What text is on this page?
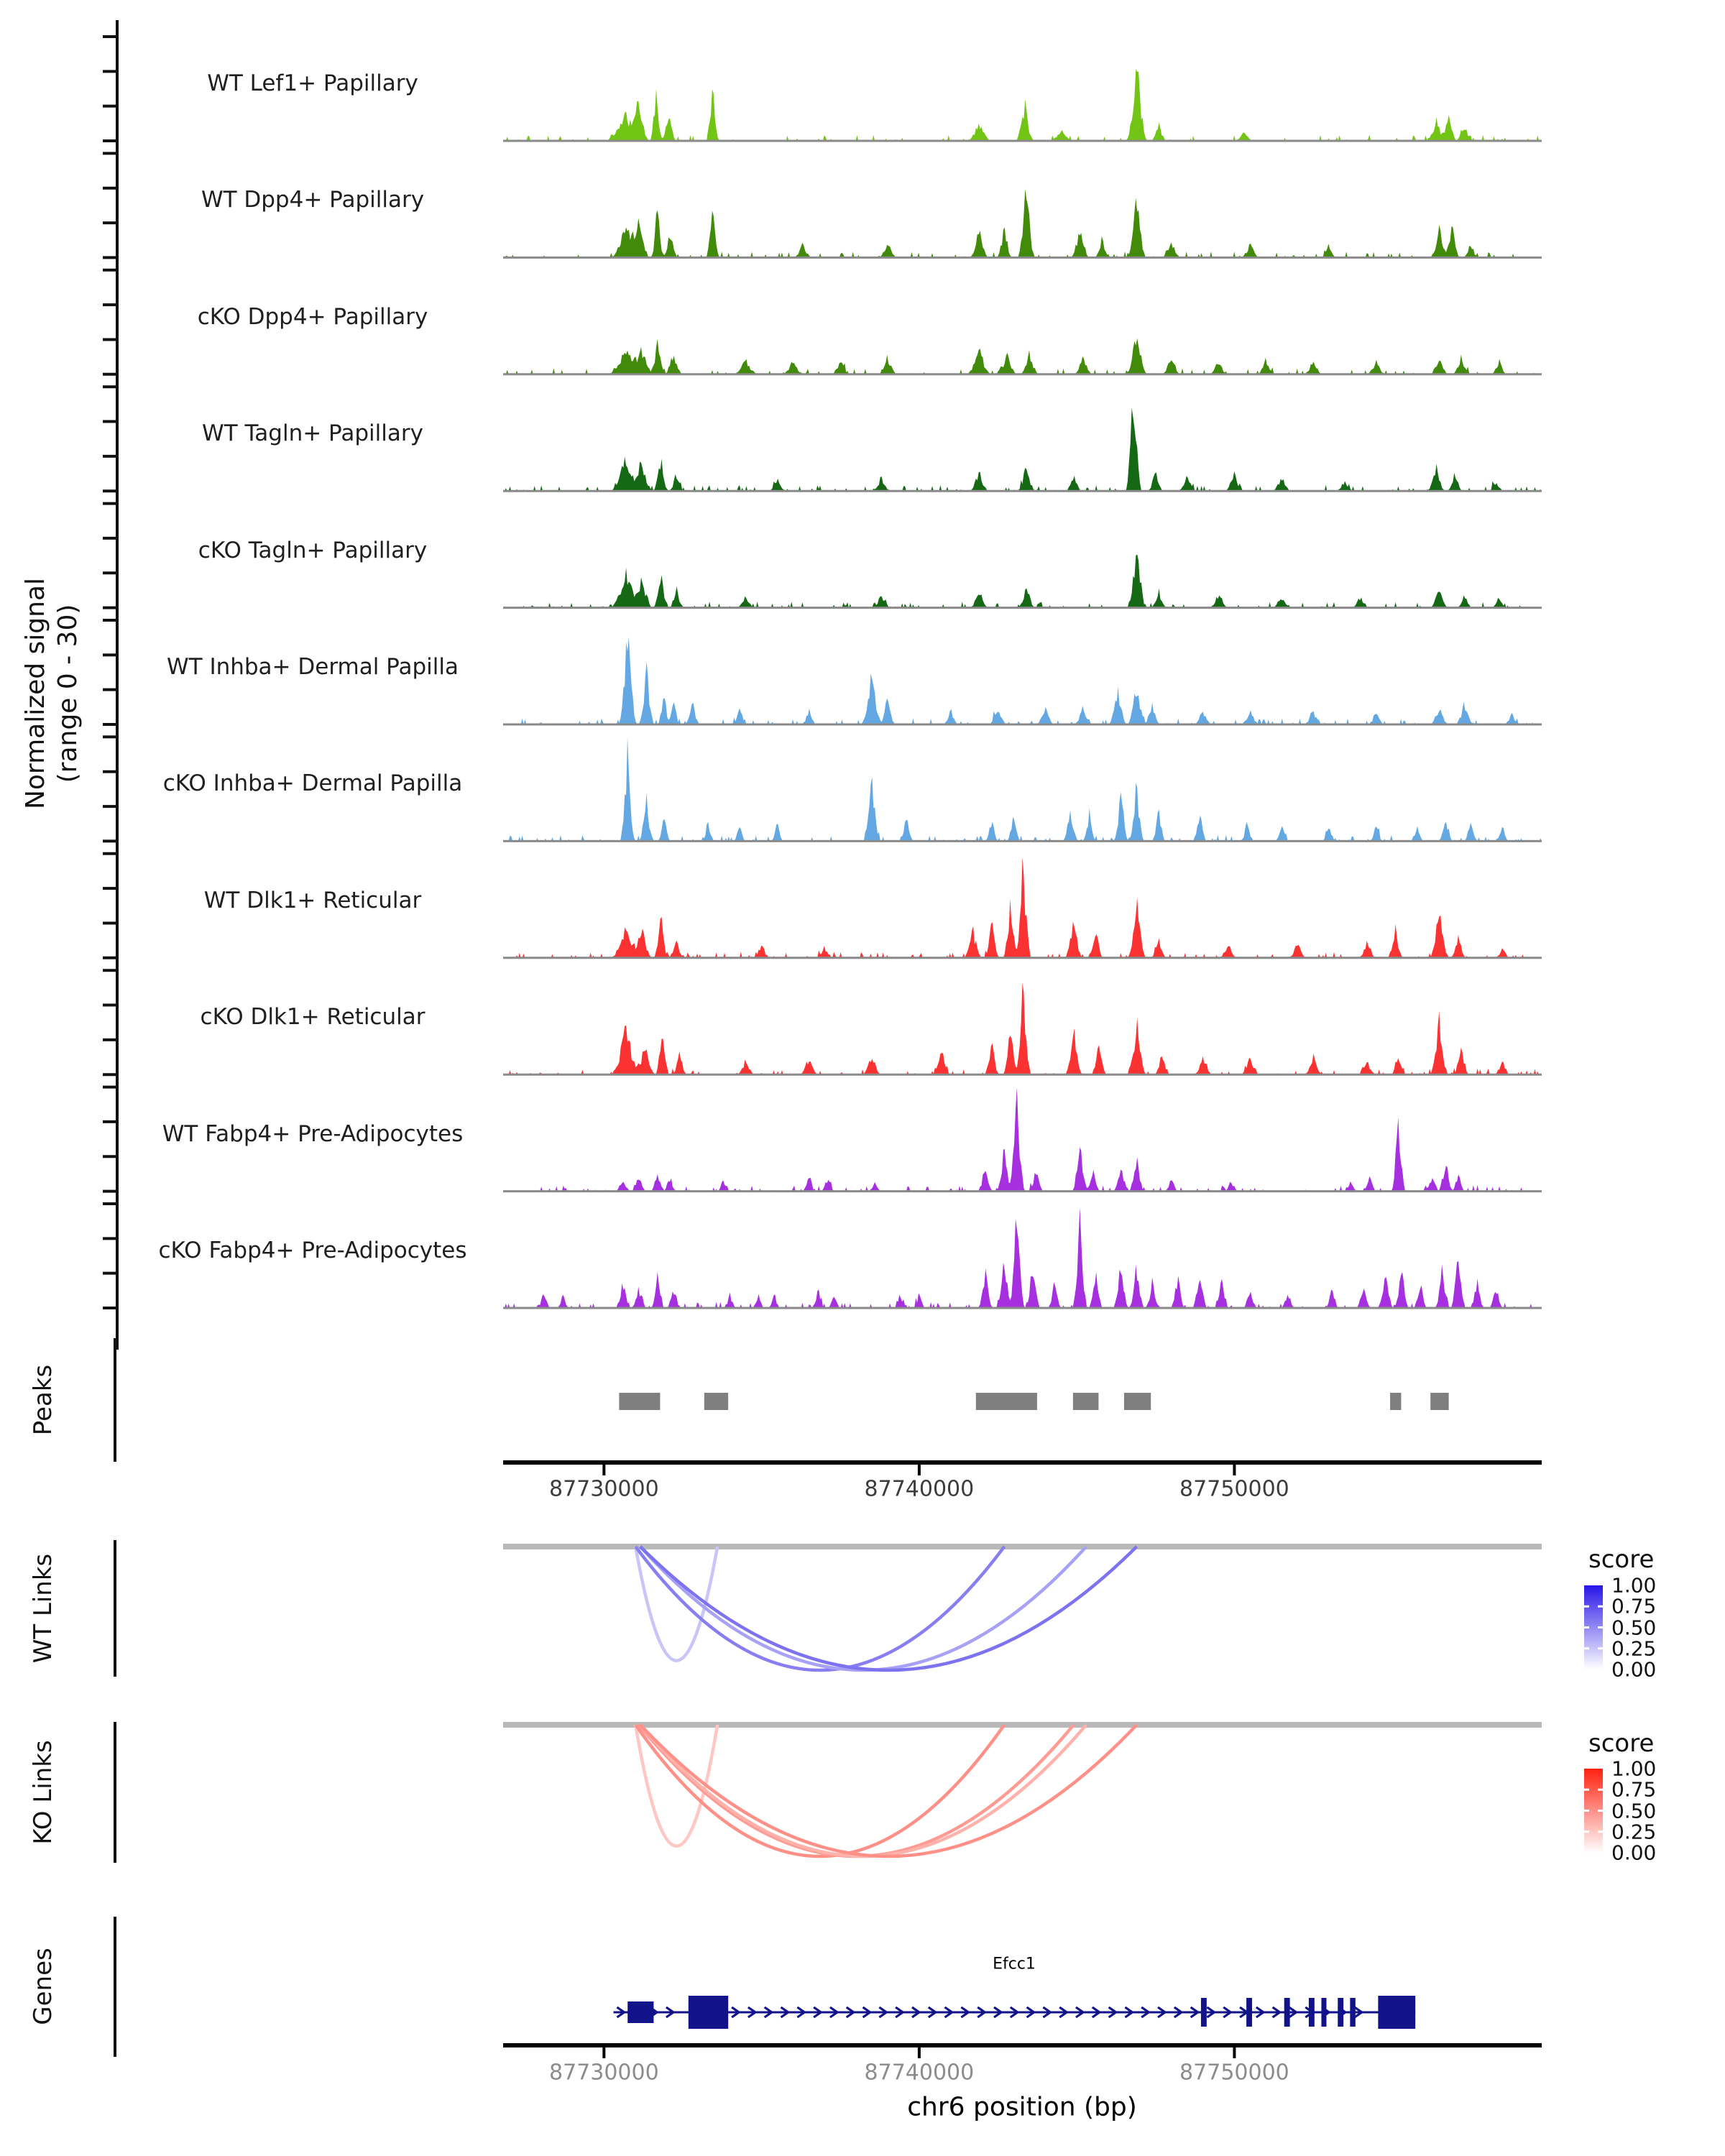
Normalized signal (range 0 - 30)
Peaks
WT Links
KO Links
Genes
score
score
Efcc1
chr6 position (bp)
WT Lef1+ Papillary
WT Dpp4+ Papillary
cKO Dpp4+ Papillary
WT Tagln+ Papillary
cKO Tagln+ Papillary
WT Inhba+ Dermal Papilla
cKO Inhba+ Dermal Papilla
WT Dlk1+ Reticular
cKO Dlk1+ Reticular
WT Fabp4+ Pre-Adipocytes
cKO Fabp4+ Pre-Adipocytes
87730000	87740000	87750000
1.00
0.75
0.50
0.25
0.00
1.00
0.75
0.50
0.25
0.00
87730000	87740000	87750000
